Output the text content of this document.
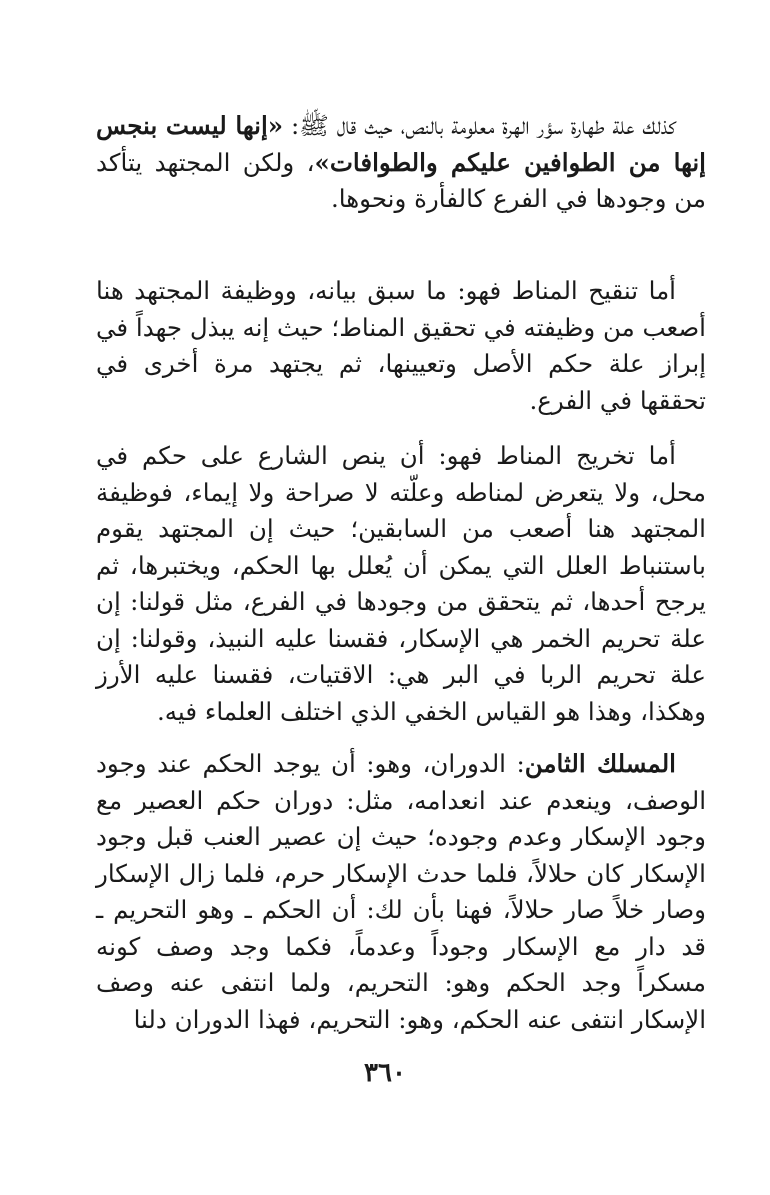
كذلك علة طهارة سؤر الهرة معلومة بالنص، حيث قال ﷺ: «إنها ليست بنجس إنها من الطوافين عليكم والطوافات»، ولكن المجتهد يتأكد من وجودها في الفرع كالفأرة ونحوها.

أما تنقيح المناط فهو: ما سبق بيانه، ووظيفة المجتهد هنا أصعب من وظيفته في تحقيق المناط؛ حيث إنه يبذل جهداً في إبراز علة حكم الأصل وتعيينها، ثم يجتهد مرة أخرى في تحققها في الفرع.

أما تخريج المناط فهو: أن ينص الشارع على حكم في محل، ولا يتعرض لمناطه وعلّته لا صراحة ولا إيماء، فوظيفة المجتهد هنا أصعب من السابقين؛ حيث إن المجتهد يقوم باستنباط العلل التي يمكن أن يُعلل بها الحكم، ويختبرها، ثم يرجح أحدها، ثم يتحقق من وجودها في الفرع، مثل قولنا: إن علة تحريم الخمر هي الإسكار، فقسنا عليه النبيذ، وقولنا: إن علة تحريم الربا في البر هي: الاقتيات، فقسنا عليه الأرز وهكذا، وهذا هو القياس الخفي الذي اختلف العلماء فيه.

المسلك الثامن: الدوران، وهو: أن يوجد الحكم عند وجود الوصف، وينعدم عند انعدامه، مثل: دوران حكم العصير مع وجود الإسكار وعدم وجوده؛ حيث إن عصير العنب قبل وجود الإسكار كان حلالاً، فلما حدث الإسكار حرم، فلما زال الإسكار وصار خلاً صار حلالاً، فهنا بأن لك: أن الحكم ـ وهو التحريم ـ قد دار مع الإسكار وجوداً وعدماً، فكما وجد وصف كونه مسكراً وجد الحكم وهو: التحريم، ولما انتفى عنه وصف الإسكار انتفى عنه الحكم، وهو: التحريم، فهذا الدوران دلنا

٣٦٠
